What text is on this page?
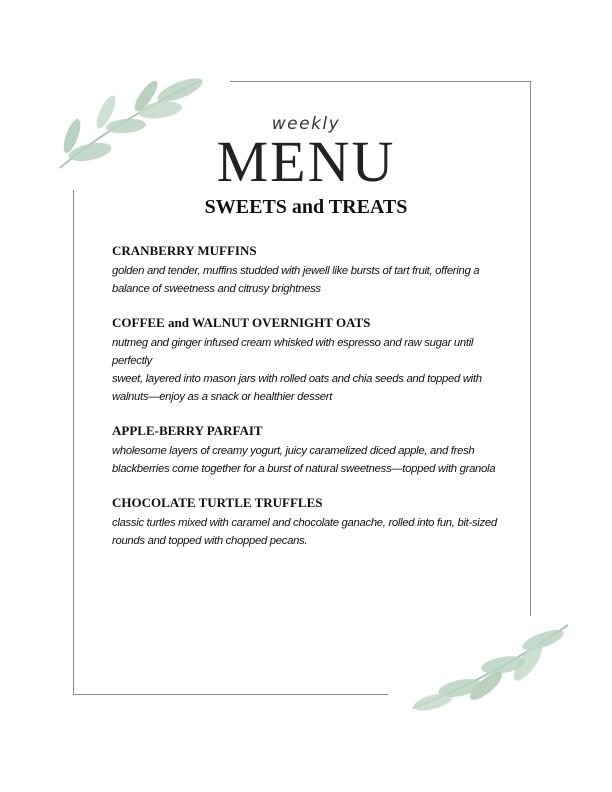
weekly
MENU
SWEETS and TREATS
CRANBERRY MUFFINS
golden and tender, muffins studded with jewell like bursts of tart fruit, offering a
balance of sweetness and citrusy brightness
COFFEE and WALNUT OVERNIGHT OATS
nutmeg and ginger infused cream whisked with espresso and raw sugar until perfectly
sweet, layered into mason jars with rolled oats and chia seeds and topped with
walnuts—enjoy as a snack or healthier dessert
APPLE-BERRY PARFAIT
wholesome layers of creamy yogurt, juicy caramelized diced apple, and fresh
blackberries come together for a burst of natural sweetness—topped with granola
CHOCOLATE TURTLE TRUFFLES
classic turtles mixed with caramel and chocolate ganache, rolled into fun, bit-sized
rounds and topped with chopped pecans.
